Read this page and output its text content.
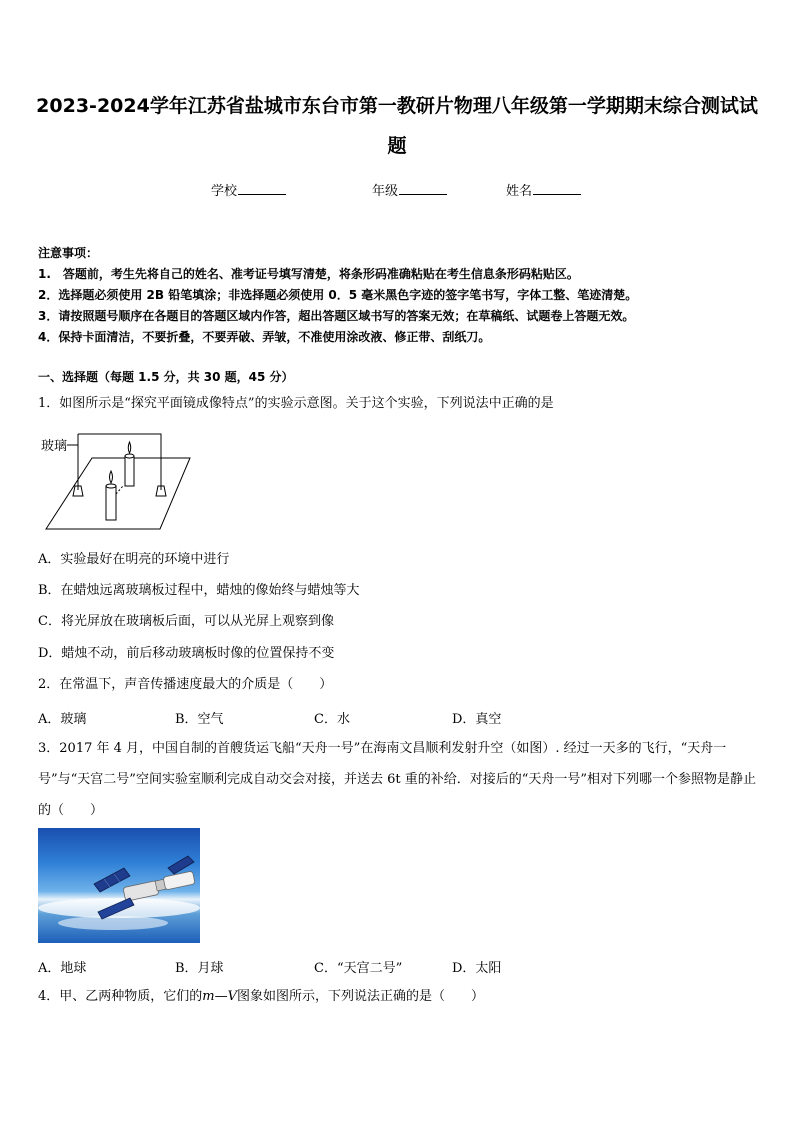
2023-2024学年江苏省盐城市东台市第一教研片物理八年级第一学期期末综合测试试
题
学校	年级	姓名
注意事项：
1.　答题前，考生先将自己的姓名、准考证号填写清楚，将条形码准确粘贴在考生信息条形码粘贴区。
2．选择题必须使用 2B 铅笔填涂；非选择题必须使用 0．5 毫米黑色字迹的签字笔书写，字体工整、笔迹清楚。
3．请按照题号顺序在各题目的答题区域内作答，超出答题区域书写的答案无效；在草稿纸、试题卷上答题无效。
4．保持卡面清洁，不要折叠，不要弄破、弄皱，不准使用涂改液、修正带、刮纸刀。
一、选择题（每题 1.5 分，共 30 题，45 分）
1．如图所示是“探究平面镜成像特点”的实验示意图。关于这个实验，下列说法中正确的是
玻璃
A．实验最好在明亮的环境中进行
B．在蜡烛远离玻璃板过程中，蜡烛的像始终与蜡烛等大
C．将光屏放在玻璃板后面，可以从光屏上观察到像
D．蜡烛不动，前后移动玻璃板时像的位置保持不变
2．在常温下，声音传播速度最大的介质是（　　）
A．玻璃	B．空气	C．水	D．真空
3．2017 年 4 月，中国自制的首艘货运飞船“天舟一号”在海南文昌顺利发射升空（如图）. 经过一天多的飞行，“天舟一号”与“天宫二号”空间实验室顺利完成自动交会对接，并送去 6t 重的补给．对接后的“天舟一号”相对下列哪一个参照物是静止的（　　）
A．地球	B．月球	C．“天宫二号”	D．太阳
4．甲、乙两种物质，它们的m—V图象如图所示，下列说法正确的是（　　）
